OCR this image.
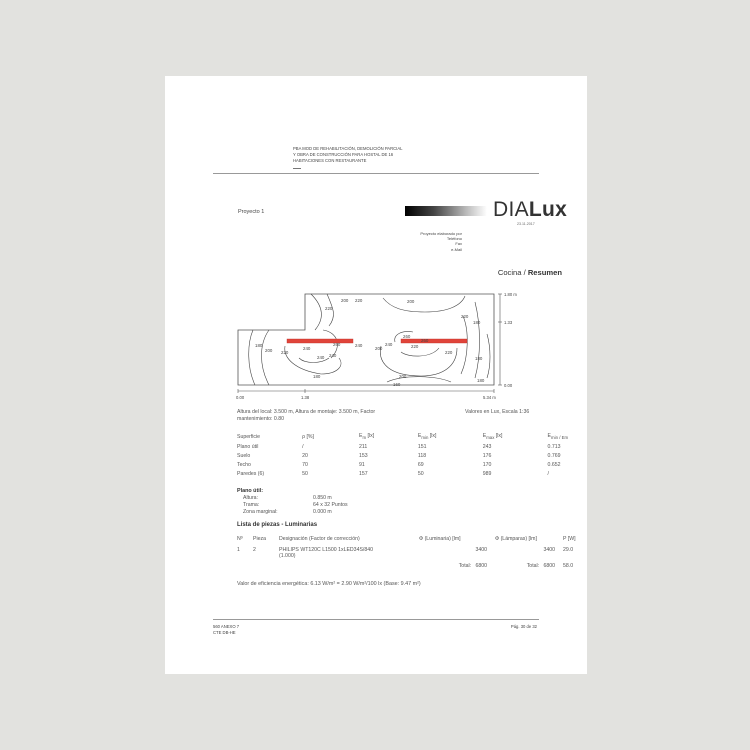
PBA MOD DE REHABILITACIÓN, DEMOLICIÓN PARCIAL
Y OBRA DE CONSTRUCCIÓN PARA HOSTAL DE 16
HABITACIONES CON RESTAURANTE
Proyecto 1	DIALux
23.11.2017
Proyecto elaborado por
Teléfono
Fax
e-Mail
Cocina / Resumen
200 220
220
200
180
180
200 220
240
240
240 240
240
260
260
260
220
220
220
200
200
180
180
180
160
1.80 m
1.33
0.00
0.00	1.38	5.34 m
Altura del local: 3.500 m, Altura de montaje: 3.500 m, Factor
mantenimiento: 0.80
Valores en Lux, Escala 1:36
Superficie	ρ [%]	$E_m$ [lx]	$E_{min}$ [lx]	$E_{max}$ [lx]	$E_{min / Em}$
Plano útil	/	211	151	243	0.713
Suelo	20	153	118	176	0.769
Techo	70	91	69	170	0.652
Paredes (6)	50	157	50	989	/
Plano útil:
Altura:	0.850 m
Trama:	64 x 32 Puntos
Zona marginal:	0.000 m
Lista de piezas - Luminarias
Nº	Pieza	Designación (Factor de corrección)	Φ (Luminaria) [lm]	Φ (Lámparas) [lm]	P [W]
1	2	PHILIPS WT120C L1500 1xLED34S/840
(1.000)	3400	3400	29.0
			Total: 6800	Total: 6800	58.0
Valor de eficiencia energética: 6.13 W/m² = 2.90 W/m²/100 lx (Base: 9.47 m²)
560 ANEXO 7
CTE DB-HE
Pág. 30 de 32
